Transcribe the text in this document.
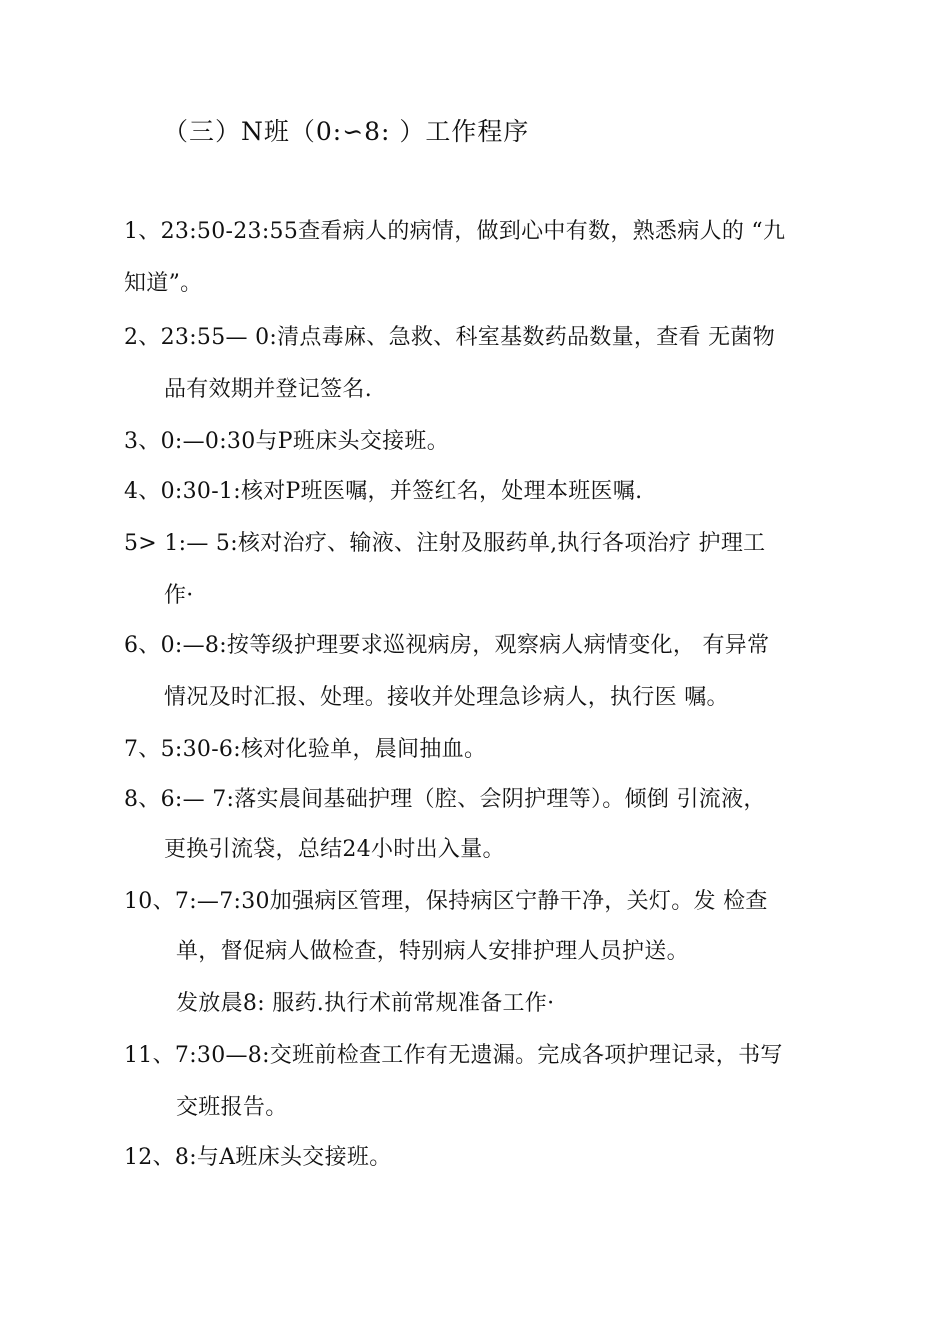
（三）N班（0:∽8: ）工作程序
1、23:50-23:55查看病人的病情，做到心中有数，熟悉病人的 “九
知道”。
2、23:55— 0:清点毒麻、急救、科室基数药品数量，查看 无菌物
品有效期并登记签名.
3、0:—0:30与P班床头交接班。
4、0:30-1:核对P班医嘱，并签红名，处理本班医嘱.
5> 1:— 5:核对治疗、输液、注射及服药单,执行各项治疗 护理工
作·
6、0:—8:按等级护理要求巡视病房，观察病人病情变化， 有异常
情况及时汇报、处理。接收并处理急诊病人，执行医 嘱。
7、5:30-6:核对化验单，晨间抽血。
8、6:— 7:落实晨间基础护理（腔、会阴护理等）。倾倒 引流液，
更换引流袋，总结24小时出入量。
10、7:—7:30加强病区管理，保持病区宁静干净，关灯。发 检查
单，督促病人做检查，特别病人安排护理人员护送。
发放晨8: 服药.执行术前常规准备工作·
11、7:30—8:交班前检查工作有无遗漏。完成各项护理记录，书写
交班报告。
12、8:与A班床头交接班。
